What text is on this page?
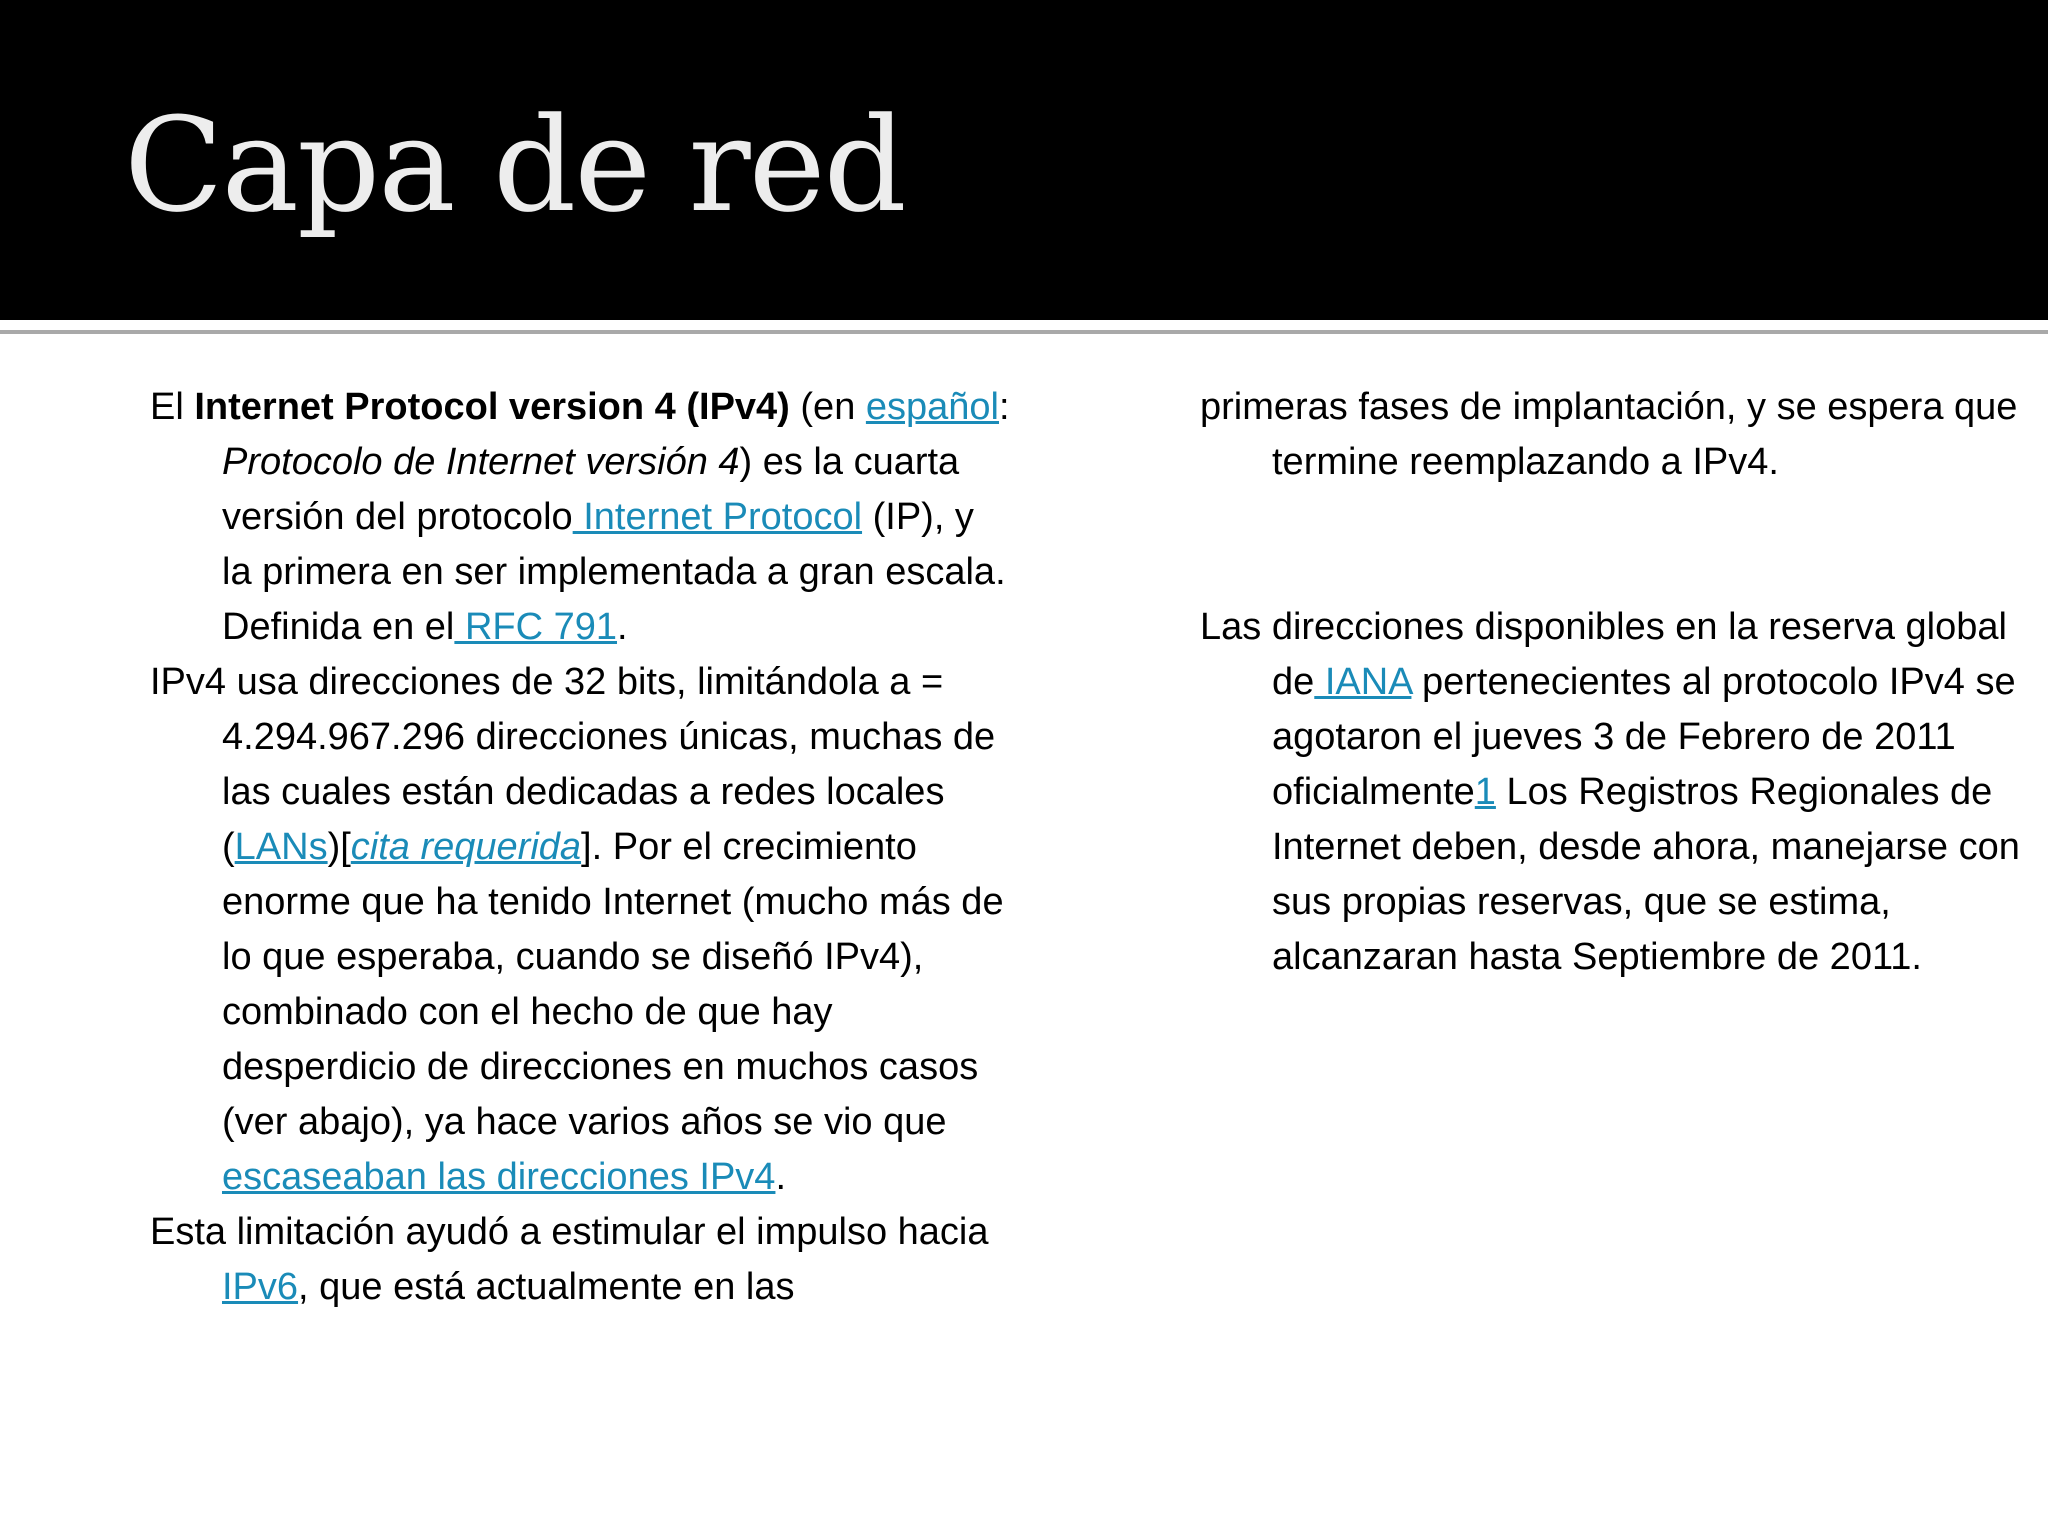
Capa de red

El Internet Protocol version 4 (IPv4) (en español: Protocolo de Internet versión 4) es la cuarta versión del protocolo Internet Protocol (IP), y la primera en ser implementada a gran escala. Definida en el RFC 791.

IPv4 usa direcciones de 32 bits, limitándola a = 4.294.967.296 direcciones únicas, muchas de las cuales están dedicadas a redes locales (LANs)[cita requerida]. Por el crecimiento enorme que ha tenido Internet (mucho más de lo que esperaba, cuando se diseñó IPv4), combinado con el hecho de que hay desperdicio de direcciones en muchos casos (ver abajo), ya hace varios años se vio que escaseaban las direcciones IPv4.

Esta limitación ayudó a estimular el impulso hacia IPv6, que está actualmente en las

primeras fases de implantación, y se espera que termine reemplazando a IPv4.

Las direcciones disponibles en la reserva global de IANA pertenecientes al protocolo IPv4 se agotaron el jueves 3 de Febrero de 2011 oficialmente1 Los Registros Regionales de Internet deben, desde ahora, manejarse con sus propias reservas, que se estima, alcanzaran hasta Septiembre de 2011.
